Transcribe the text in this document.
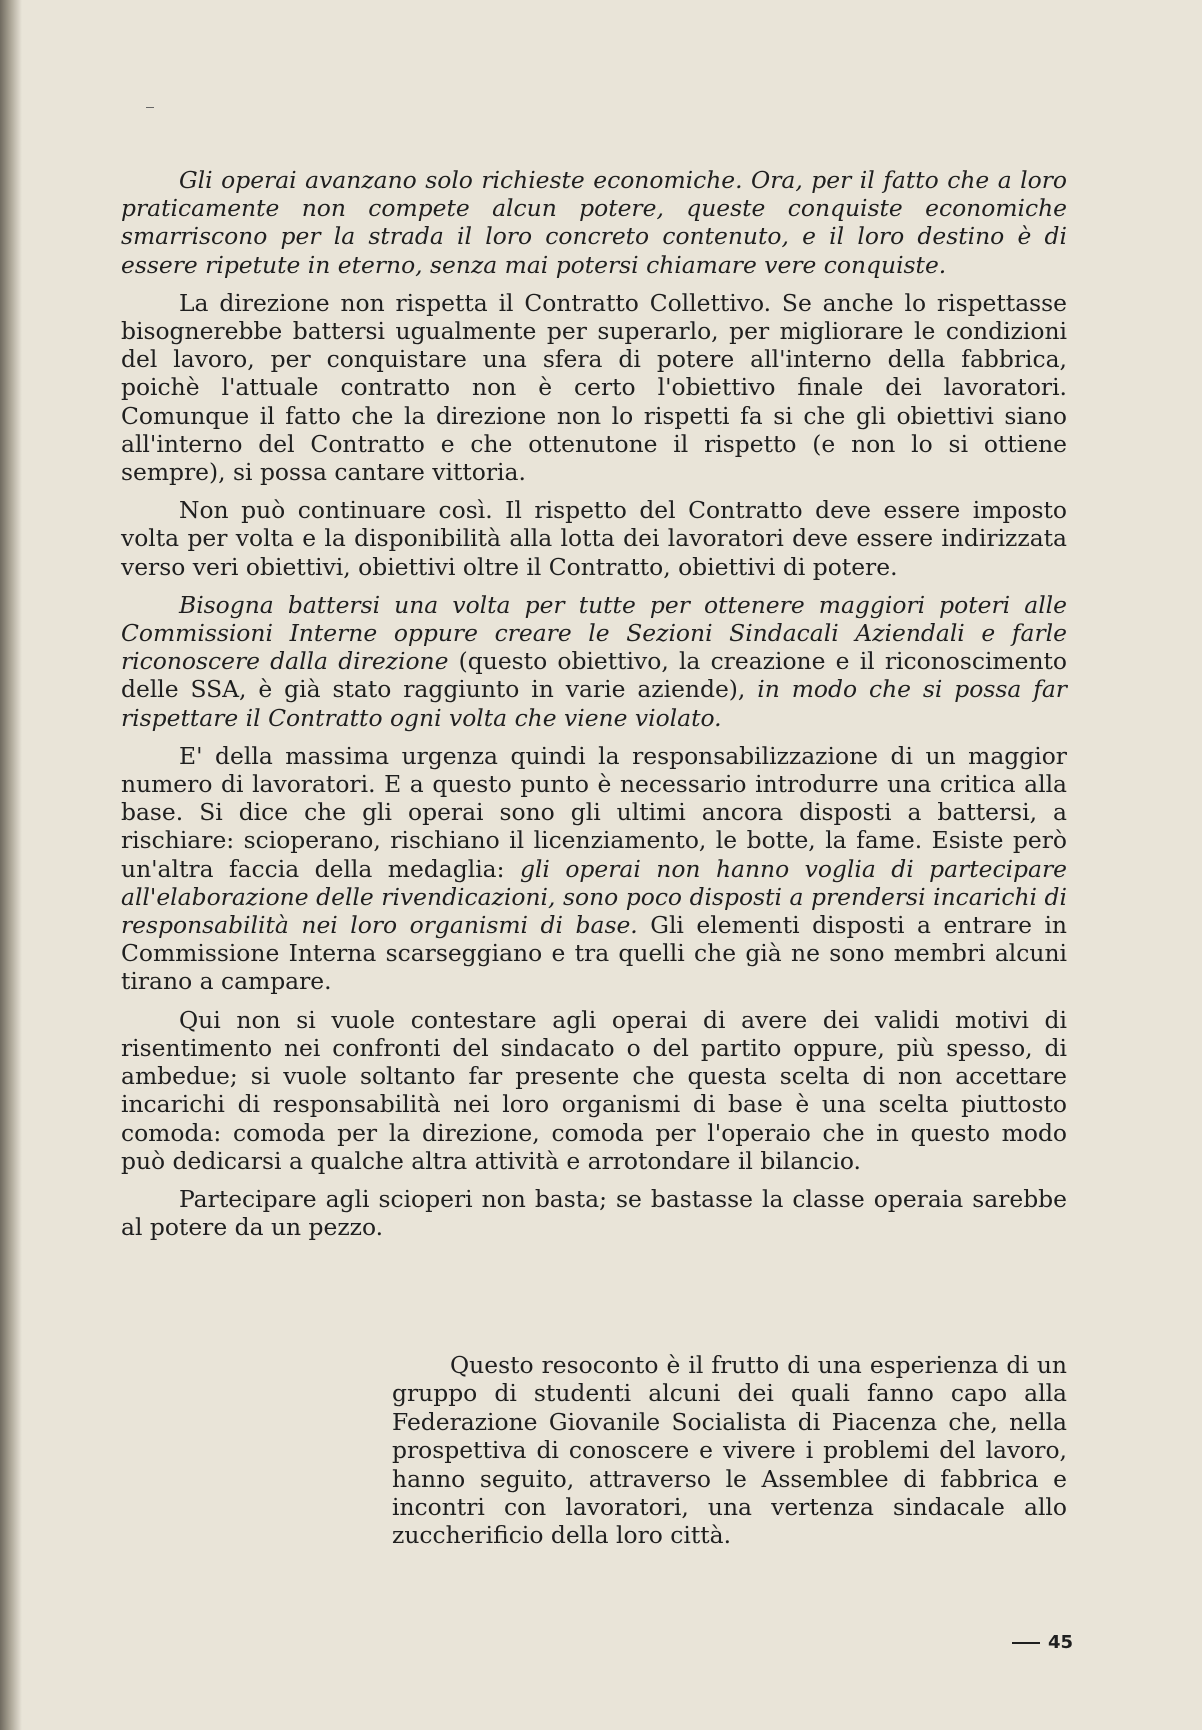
Gli operai avanzano solo richieste economiche. Ora, per il fatto che a loro praticamente non compete alcun potere, queste conquiste economiche smarriscono per la strada il loro concreto contenuto, e il loro destino è di essere ripetute in eterno, senza mai potersi chiamare vere conquiste.

La direzione non rispetta il Contratto Collettivo. Se anche lo rispettasse bisognerebbe battersi ugualmente per superarlo, per migliorare le condizioni del lavoro, per conquistare una sfera di potere all'interno della fabbrica, poichè l'attuale contratto non è certo l'obiettivo finale dei lavoratori. Comunque il fatto che la direzione non lo rispetti fa si che gli obiettivi siano all'interno del Contratto e che ottenutone il rispetto (e non lo si ottiene sempre), si possa cantare vittoria.

Non può continuare così. Il rispetto del Contratto deve essere imposto volta per volta e la disponibilità alla lotta dei lavoratori deve essere indirizzata verso veri obiettivi, obiettivi oltre il Contratto, obiettivi di potere.

Bisogna battersi una volta per tutte per ottenere maggiori poteri alle Commissioni Interne oppure creare le Sezioni Sindacali Aziendali e farle riconoscere dalla direzione (questo obiettivo, la creazione e il riconoscimento delle SSA, è già stato raggiunto in varie aziende), in modo che si possa far rispettare il Contratto ogni volta che viene violato.

E' della massima urgenza quindi la responsabilizzazione di un maggior numero di lavoratori. E a questo punto è necessario introdurre una critica alla base. Si dice che gli operai sono gli ultimi ancora disposti a battersi, a rischiare: scioperano, rischiano il licenziamento, le botte, la fame. Esiste però un'altra faccia della medaglia: gli operai non hanno voglia di partecipare all'elaborazione delle rivendicazioni, sono poco disposti a prendersi incarichi di responsabilità nei loro organismi di base. Gli elementi disposti a entrare in Commissione Interna scarseggiano e tra quelli che già ne sono membri alcuni tirano a campare.

Qui non si vuole contestare agli operai di avere dei validi motivi di risentimento nei confronti del sindacato o del partito oppure, più spesso, di ambedue; si vuole soltanto far presente che questa scelta di non accettare incarichi di responsabilità nei loro organismi di base è una scelta piuttosto comoda: comoda per la direzione, comoda per l'operaio che in questo modo può dedicarsi a qualche altra attività e arrotondare il bilancio.

Partecipare agli scioperi non basta; se bastasse la classe operaia sarebbe al potere da un pezzo.

Questo resoconto è il frutto di una esperienza di un gruppo di studenti alcuni dei quali fanno capo alla Federazione Giovanile Socialista di Piacenza che, nella prospettiva di conoscere e vivere i problemi del lavoro, hanno seguito, attraverso le Assemblee di fabbrica e incontri con lavoratori, una vertenza sindacale allo zuccherificio della loro città.

45
